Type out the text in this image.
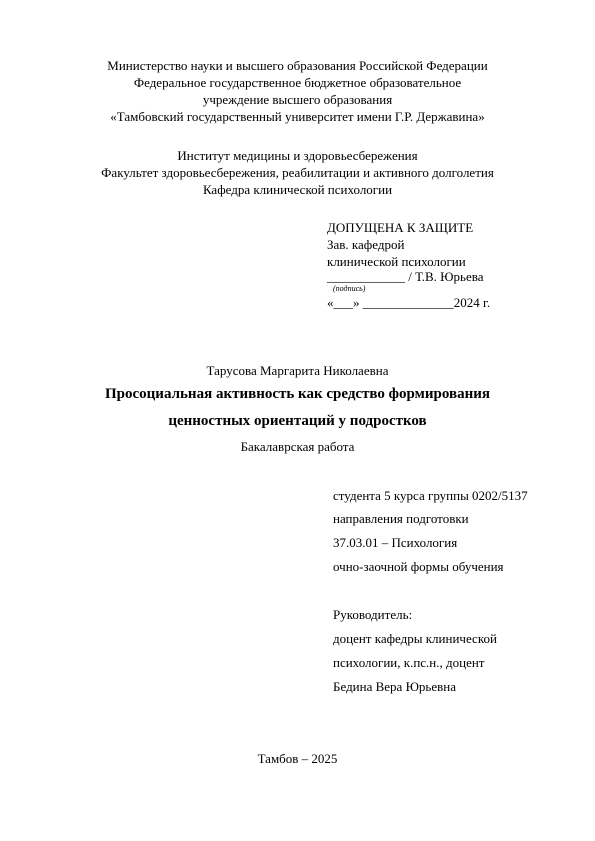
Министерство науки и высшего образования Российской Федерации
Федеральное государственное бюджетное образовательное
учреждение высшего образования
«Тамбовский государственный университет имени Г.Р. Державина»
Институт медицины и здоровьесбережения
Факультет здоровьесбережения, реабилитации и активного долголетия
Кафедра клинической психологии
ДОПУЩЕНА К ЗАЩИТЕ
Зав. кафедрой
клинической психологии
____________ / Т.В. Юрьева
(подпись)
«___» ______________2024 г.
Тарусова Маргарита Николаевна
Просоциальная активность как средство формирования
ценностных ориентаций у подростков
Бакалаврская работа
студента 5 курса группы 0202/5137
направления подготовки
37.03.01 – Психология
очно-заочной формы обучения
Руководитель:
доцент кафедры клинической
психологии, к.пс.н., доцент
Бедина Вера Юрьевна
Тамбов – 2025
